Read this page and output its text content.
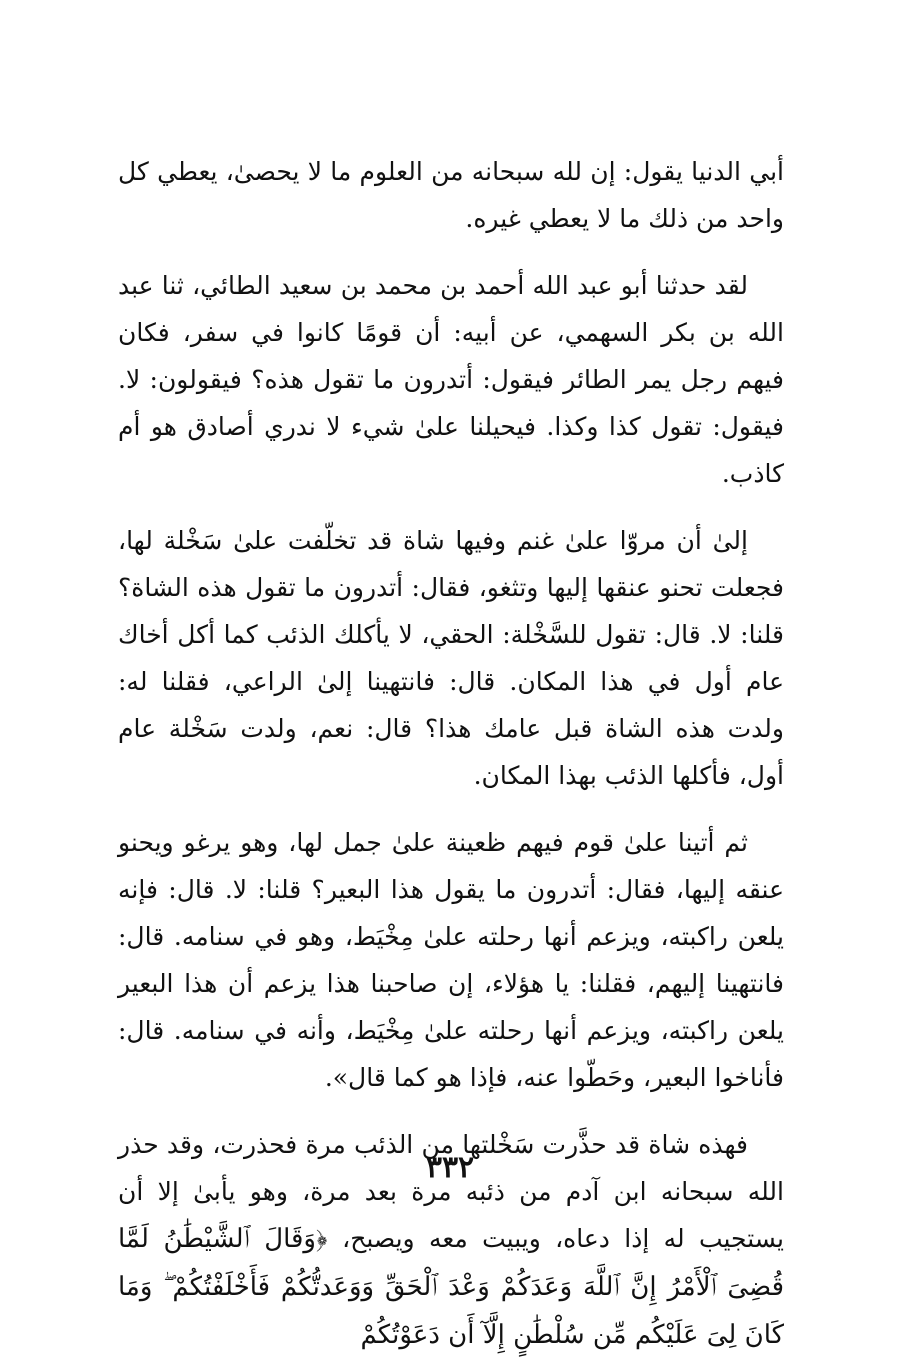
أبي الدنيا يقول: إن لله سبحانه من العلوم ما لا يحصىٰ، يعطي كل واحد من ذلك ما لا يعطي غيره.

لقد حدثنا أبو عبد الله أحمد بن محمد بن سعيد الطائي، ثنا عبد الله بن بكر السهمي، عن أبيه: أن قومًا كانوا في سفر، فكان فيهم رجل يمر الطائر فيقول: أتدرون ما تقول هذه؟ فيقولون: لا. فيقول: تقول كذا وكذا. فيحيلنا علىٰ شيء لا ندري أصادق هو أم كاذب.

إلىٰ أن مروّا علىٰ غنم وفيها شاة قد تخلّفت علىٰ سَخْلة لها، فجعلت تحنو عنقها إليها وتثغو، فقال: أتدرون ما تقول هذه الشاة؟ قلنا: لا. قال: تقول للسَّخْلة: الحقي، لا يأكلك الذئب كما أكل أخاك عام أول في هذا المكان. قال: فانتهينا إلىٰ الراعي، فقلنا له: ولدت هذه الشاة قبل عامك هذا؟ قال: نعم، ولدت سَخْلة عام أول، فأكلها الذئب بهذا المكان.

ثم أتينا علىٰ قوم فيهم ظعينة علىٰ جمل لها، وهو يرغو ويحنو عنقه إليها، فقال: أتدرون ما يقول هذا البعير؟ قلنا: لا. قال: فإنه يلعن راكبته، ويزعم أنها رحلته علىٰ مِخْيَط، وهو في سنامه. قال: فانتهينا إليهم، فقلنا: يا هؤلاء، إن صاحبنا هذا يزعم أن هذا البعير يلعن راكبته، ويزعم أنها رحلته علىٰ مِخْيَط، وأنه في سنامه. قال: فأناخوا البعير، وحَطّوا عنه، فإذا هو كما قال».

فهذه شاة قد حذَّرت سَخْلتها من الذئب مرة فحذرت، وقد حذر الله سبحانه ابن آدم من ذئبه مرة بعد مرة، وهو يأبىٰ إلا أن يستجيب له إذا دعاه، ويبيت معه ويصبح، ﴿وَقَالَ ٱلشَّيْطَٰنُ لَمَّا قُضِىَ ٱلْأَمْرُ إِنَّ ٱللَّهَ وَعَدَكُمْ وَعْدَ ٱلْحَقِّ وَوَعَدتُّكُمْ فَأَخْلَفْتُكُمْ ۖ وَمَا كَانَ لِىَ عَلَيْكُم مِّن سُلْطَٰنٍ إِلَّآ أَن دَعَوْتُكُمْ

٣٣٢
